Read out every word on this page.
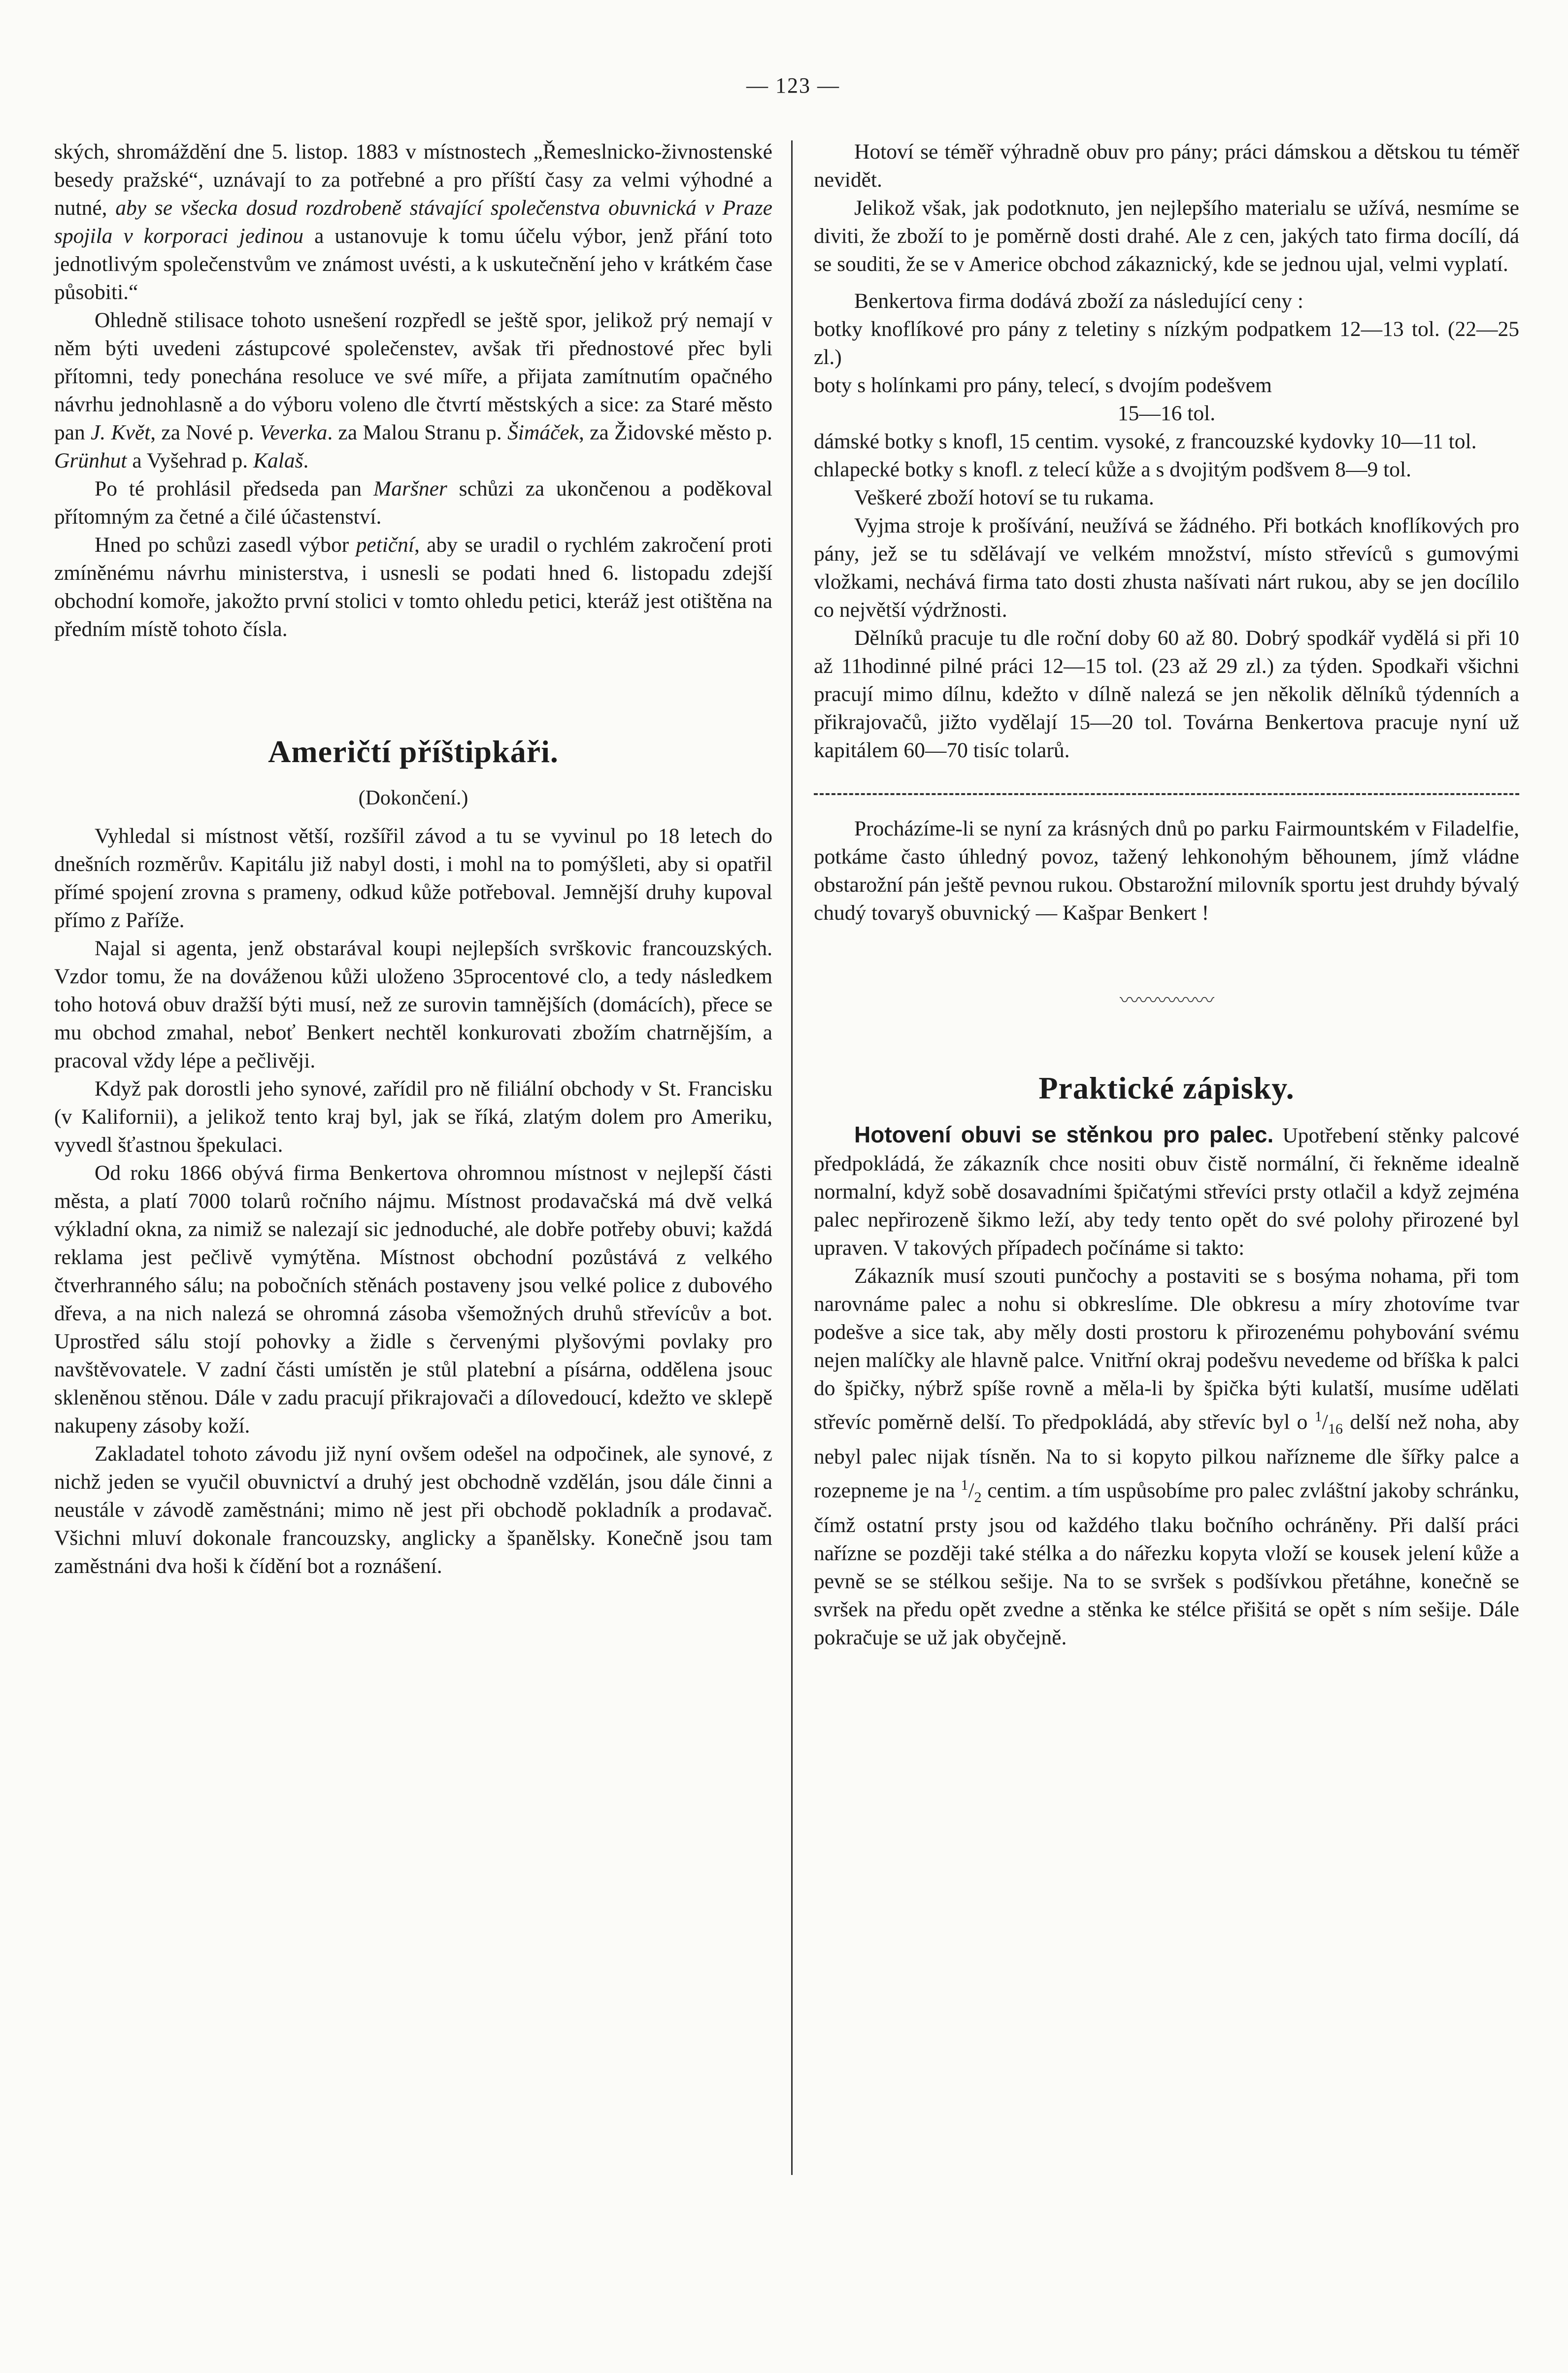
— 123 —

ských, shromáždění dne 5. listop. 1883 v místnostech „Řemeslnicko-živnostenské besedy pražské“, uznávají to za potřebné a pro příští časy za velmi výhodné a nutné, aby se všecka dosud rozdrobeně stávající společenstva obuvnická v Praze spojila v korporaci jedinou a ustanovuje k tomu účelu výbor, jenž přání toto jednotlivým společenstvům ve známost uvésti, a k uskutečnění jeho v krátkém čase působiti.“

Ohledně stilisace tohoto usnešení rozpředl se ještě spor, jelikož prý nemají v něm býti uvedeni zástupcové společenstev, avšak tři přednostové přec byli přítomni, tedy ponechána resoluce ve své míře, a přijata zamítnutím opačného návrhu jednohlasně a do výboru voleno dle čtvrtí městských a sice: za Staré město pan J. Květ, za Nové p. Veverka. za Malou Stranu p. Šimáček, za Židovské město p. Grünhut a Vyšehrad p. Kalaš.

Po té prohlásil předseda pan Maršner schůzi za ukončenou a poděkoval přítomným za četné a čilé účastenství.

Hned po schůzi zasedl výbor petiční, aby se uradil o rychlém zakročení proti zmíněnému návrhu ministerstva, i usnesli se podati hned 6. listopadu zdejší obchodní komoře, jakožto první stolici v tomto ohledu petici, kteráž jest otištěna na předním místě tohoto čísla.

Američtí příštipkáři.
(Dokončení.)

Vyhledal si místnost větší, rozšířil závod a tu se vyvinul po 18 letech do dnešních rozměrův. Kapitálu již nabyl dosti, i mohl na to pomýšleti, aby si opatřil přímé spojení zrovna s prameny, odkud kůže potřeboval. Jemnější druhy kupoval přímo z Paříže.

Najal si agenta, jenž obstarával koupi nejlepších svrškovic francouzských. Vzdor tomu, že na dováženou kůži uloženo 35procentové clo, a tedy následkem toho hotová obuv dražší býti musí, než ze surovin tamnějších (domácích), přece se mu obchod zmahal, neboť Benkert nechtěl konkurovati zbožím chatrnějším, a pracoval vždy lépe a pečlivěji.

Když pak dorostli jeho synové, zařídil pro ně filiální obchody v St. Francisku (v Kalifornii), a jelikož tento kraj byl, jak se říká, zlatým dolem pro Ameriku, vyvedl šťastnou špekulaci.

Od roku 1866 obývá firma Benkertova ohromnou místnost v nejlepší části města, a platí 7000 tolarů ročního nájmu. Místnost prodavačská má dvě velká výkladní okna, za nimiž se nalezají sic jednoduché, ale dobře potřeby obuvi; každá reklama jest pečlivě vymýtěna. Místnost obchodní pozůstává z velkého čtverhranného sálu; na pobočních stěnách postaveny jsou velké police z dubového dřeva, a na nich nalezá se ohromná zásoba všemožných druhů střevícův a bot. Uprostřed sálu stojí pohovky a židle s červenými plyšovými povlaky pro navštěvovatele. V zadní části umístěn je stůl platební a písárna, oddělena jsouc skleněnou stěnou. Dále v zadu pracují přikrajovači a dílovedoucí, kdežto ve sklepě nakupeny zásoby koží.

Zakladatel tohoto závodu již nyní ovšem odešel na odpočinek, ale synové, z nichž jeden se vyučil obuvnictví a druhý jest obchodně vzdělán, jsou dále činni a neustále v závodě zaměstnáni; mimo ně jest při obchodě pokladník a prodavač. Všichni mluví dokonale francouzsky, anglicky a španělsky. Konečně jsou tam zaměstnáni dva hoši k čídění bot a roznášení.

Hotoví se téměř výhradně obuv pro pány; práci dámskou a dětskou tu téměř nevidět.

Jelikož však, jak podotknuto, jen nejlepšího materialu se užívá, nesmíme se diviti, že zboží to je poměrně dosti drahé. Ale z cen, jakých tato firma docílí, dá se souditi, že se v Americe obchod zákaznický, kde se jednou ujal, velmi vyplatí.

Benkertova firma dodává zboží za následující ceny :

botky knoflíkové pro pány z teletiny s nízkým podpatkem 12—13 tol. (22—25 zl.)

boty s holínkami pro pány, telecí, s dvojím podešvem

15—16 tol.

dámské botky s knofl, 15 centim. vysoké, z francouzské kydovky 10—11 tol.

chlapecké botky s knofl. z telecí kůže a s dvojitým podšvem 8—9 tol.

Veškeré zboží hotoví se tu rukama.

Vyjma stroje k prošívání, neužívá se žádného. Při botkách knoflíkových pro pány, jež se tu sdělávají ve velkém množství, místo střevíců s gumovými vložkami, nechává firma tato dosti zhusta našívati nárt rukou, aby se jen docílilo co největší výdržnosti.

Dělníků pracuje tu dle roční doby 60 až 80. Dobrý spodkář vydělá si při 10 až 11hodinné pilné práci 12—15 tol. (23 až 29 zl.) za týden. Spodkaři všichni pracují mimo dílnu, kdežto v dílně nalezá se jen několik dělníků týdenních a přikrajovačů, jižto vydělají 15—20 tol. Továrna Benkertova pracuje nyní už kapitálem 60—70 tisíc tolarů.

Procházíme-li se nyní za krásných dnů po parku Fairmountském v Filadelfie, potkáme často úhledný povoz, tažený lehkonohým běhounem, jímž vládne obstarožní pán ještě pevnou rukou. Obstarožní milovník sportu jest druhdy bývalý chudý tovaryš obuvnický — Kašpar Benkert !

〰〰〰〰〰
Praktické zápisky.

Hotovení obuvi se stěnkou pro palec. Upotřebení stěnky palcové předpokládá, že zákazník chce nositi obuv čistě normální, či řekněme idealně normalní, když sobě dosavadními špičatými střevíci prsty otlačil a když zejména palec nepřirozeně šikmo leží, aby tedy tento opět do své polohy přirozené byl upraven. V takových případech počínáme si takto:

Zákazník musí szouti punčochy a postaviti se s bosýma nohama, při tom narovnáme palec a nohu si obkreslíme. Dle obkresu a míry zhotovíme tvar podešve a sice tak, aby měly dosti prostoru k přirozenému pohybování svému nejen malíčky ale hlavně palce. Vnitřní okraj podešvu nevedeme od bříška k palci do špičky, nýbrž spíše rovně a měla-li by špička býti kulatší, musíme udělati střevíc poměrně delší. To předpokládá, aby střevíc byl o $^1/_{16}$ delší než noha, aby nebyl palec nijak tísněn. Na to si kopyto pilkou nařízneme dle šířky palce a rozepneme je na $^1/_2$ centim. a tím uspůsobíme pro palec zvláštní jakoby schránku, čímž ostatní prsty jsou od každého tlaku bočního ochráněny. Při další práci nařízne se později také stélka a do nářezku kopyta vloží se kousek jelení kůže a pevně se se stélkou sešije. Na to se svršek s podšívkou přetáhne, konečně se svršek na předu opět zvedne a stěnka ke stélce přišitá se opět s ním sešije. Dále pokračuje se už jak obyčejně.
